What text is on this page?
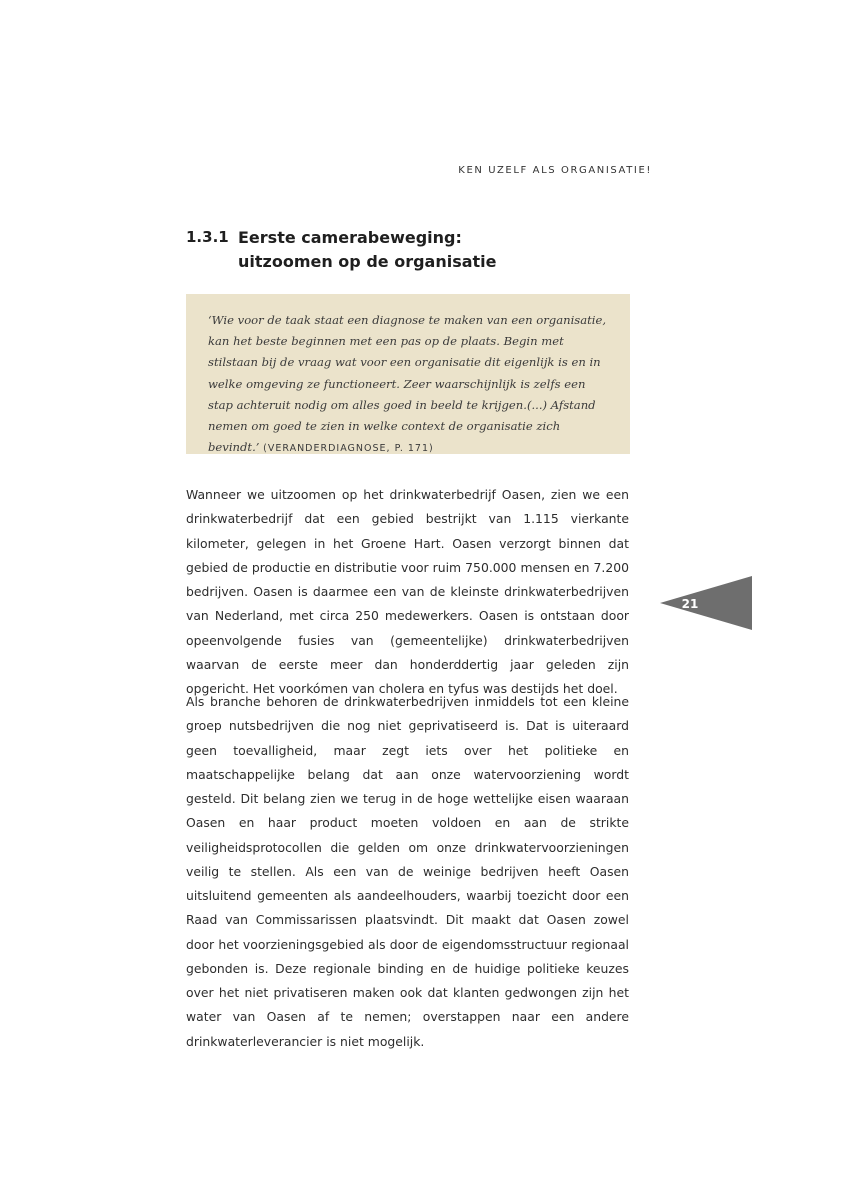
KEN UZELF ALS ORGANISATIE!
1.3.1 Eerste camerabeweging: uitzoomen op de organisatie

‘Wie voor de taak staat een diagnose te maken van een organisatie, kan het beste beginnen met een pas op de plaats. Begin met stilstaan bij de vraag wat voor een organisatie dit eigenlijk is en in welke omgeving ze functioneert. Zeer waarschijnlijk is zelfs een stap achteruit nodig om alles goed in beeld te krijgen.(...) Afstand nemen om goed te zien in welke context de organisatie zich bevindt.’ (VERANDERDIAGNOSE, P. 171)

Wanneer we uitzoomen op het drinkwaterbedrijf Oasen, zien we een drinkwaterbedrijf dat een gebied bestrijkt van 1.115 vierkante kilometer, gelegen in het Groene Hart. Oasen verzorgt binnen dat gebied de productie en distributie voor ruim 750.000 mensen en 7.200 bedrijven. Oasen is daarmee een van de kleinste drinkwaterbedrijven van Nederland, met circa 250 medewerkers. Oasen is ontstaan door opeenvolgende fusies van (gemeentelijke) drinkwaterbedrijven waarvan de eerste meer dan honderddertig jaar geleden zijn opgericht. Het voorkómen van cholera en tyfus was destijds het doel.

Als branche behoren de drinkwaterbedrijven inmiddels tot een kleine groep nutsbedrijven die nog niet geprivatiseerd is. Dat is uiteraard geen toevalligheid, maar zegt iets over het politieke en maatschappelijke belang dat aan onze watervoorziening wordt gesteld. Dit belang zien we terug in de hoge wettelijke eisen waaraan Oasen en haar product moeten voldoen en aan de strikte veiligheidsprotocollen die gelden om onze drinkwatervoorzieningen veilig te stellen. Als een van de weinige bedrijven heeft Oasen uitsluitend gemeenten als aandeelhouders, waarbij toezicht door een Raad van Commissarissen plaatsvindt. Dit maakt dat Oasen zowel door het voorzieningsgebied als door de eigendomsstructuur regionaal gebonden is. Deze regionale binding en de huidige politieke keuzes over het niet privatiseren maken ook dat klanten gedwongen zijn het water van Oasen af te nemen; overstappen naar een andere drinkwaterleverancier is niet mogelijk.

21
